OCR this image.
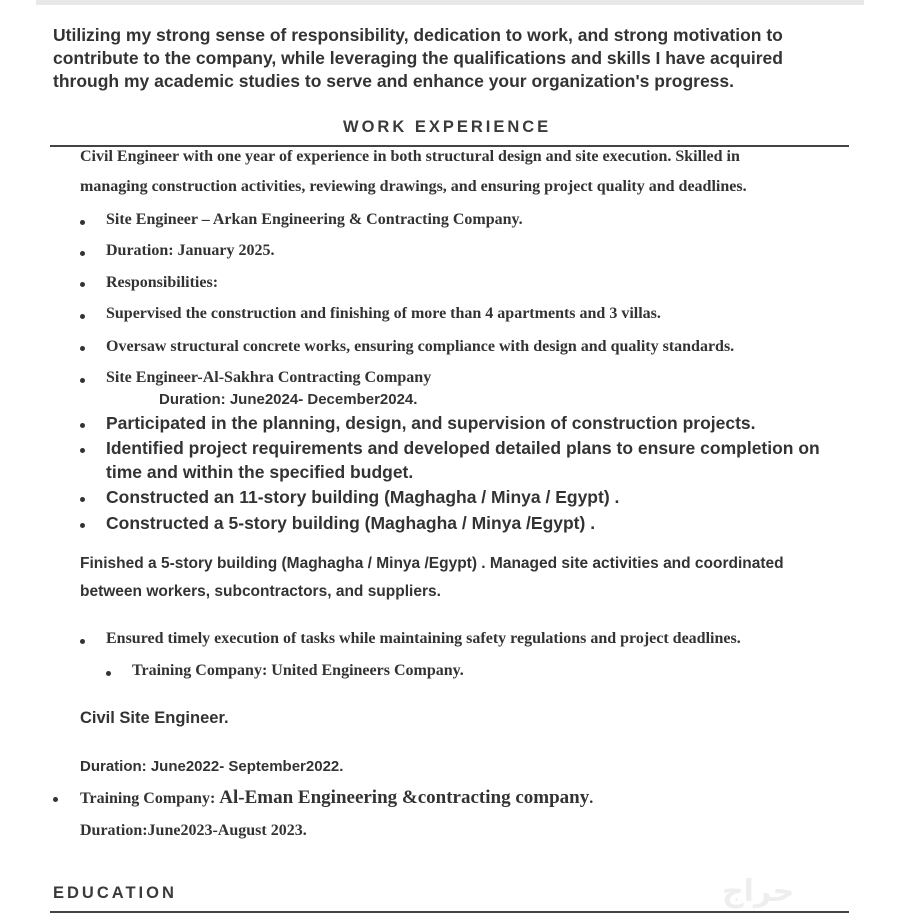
Utilizing my strong sense of responsibility, dedication to work, and strong motivation to contribute to the company, while leveraging the qualifications and skills I have acquired through my academic studies to serve and enhance your organization's progress.

WORK EXPERIENCE

Civil Engineer with one year of experience in both structural design and site execution. Skilled in

managing construction activities, reviewing drawings, and ensuring project quality and deadlines.

Site Engineer – Arkan Engineering & Contracting Company.

Duration: January 2025.

Responsibilities:

Supervised the construction and finishing of more than 4 apartments and 3 villas.

Oversaw structural concrete works, ensuring compliance with design and quality standards.

Site Engineer-Al-Sakhra Contracting Company

Duration: June2024- December2024.

Participated in the planning, design, and supervision of construction projects.

Identified project requirements and developed detailed plans to ensure completion on

time and within the specified budget.

Constructed an 11-story building (Maghagha / Minya / Egypt) .

Constructed a 5-story building (Maghagha / Minya /Egypt) .

Finished a 5-story building (Maghagha / Minya /Egypt) . Managed site activities and coordinated

between workers, subcontractors, and suppliers.

Ensured timely execution of tasks while maintaining safety regulations and project deadlines.

Training Company: United Engineers Company.

Civil Site Engineer.

Duration: June2022- September2022.

Training Company: Al-Eman Engineering &contracting company.

Duration:June2023-August 2023.

EDUCATION	حراج
